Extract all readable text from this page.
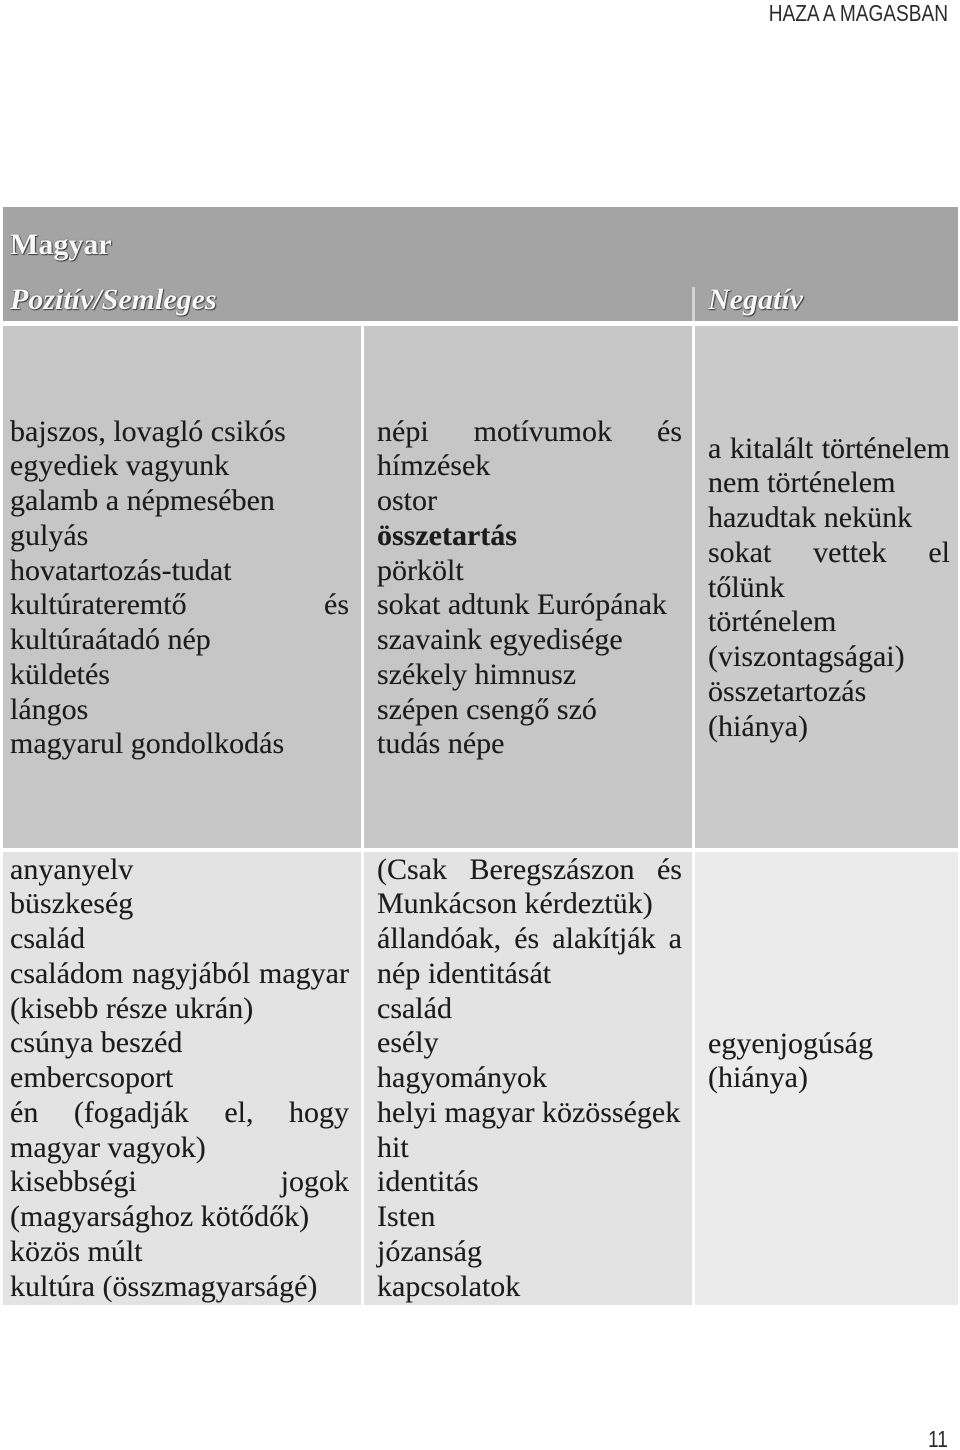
HAZA A MAGASBAN
Magyar
Pozitív/Semleges	Negatív
bajszos, lovagló csikós
egyediek vagyunk
galamb a népmesében
gulyás
hovatartozás-tudat
kultúrateremtő és
kultúraátadó nép
küldetés
lángos
magyarul gondolkodás
népi motívumok és
hímzések
ostor
összetartás
pörkölt
sokat adtunk Európának
szavaink egyedisége
székely himnusz
szépen csengő szó
tudás népe
a kitalált történelem
nem történelem
hazudtak nekünk
sokat vettek el
tőlünk
történelem
(viszontagságai)
összetartozás
(hiánya)
anyanyelv
büszkeség
család
családom nagyjából magyar
(kisebb része ukrán)
csúnya beszéd
embercsoport
én (fogadják el, hogy
magyar vagyok)
kisebbségi jogok
(magyarsághoz kötődők)
közös múlt
kultúra (összmagyarságé)
(Csak Beregszászon és
Munkácson kérdeztük)
állandóak, és alakítják a
nép identitását
család
esély
hagyományok
helyi magyar közösségek
hit
identitás
Isten
józanság
kapcsolatok
egyenjogúság
(hiánya)
11
